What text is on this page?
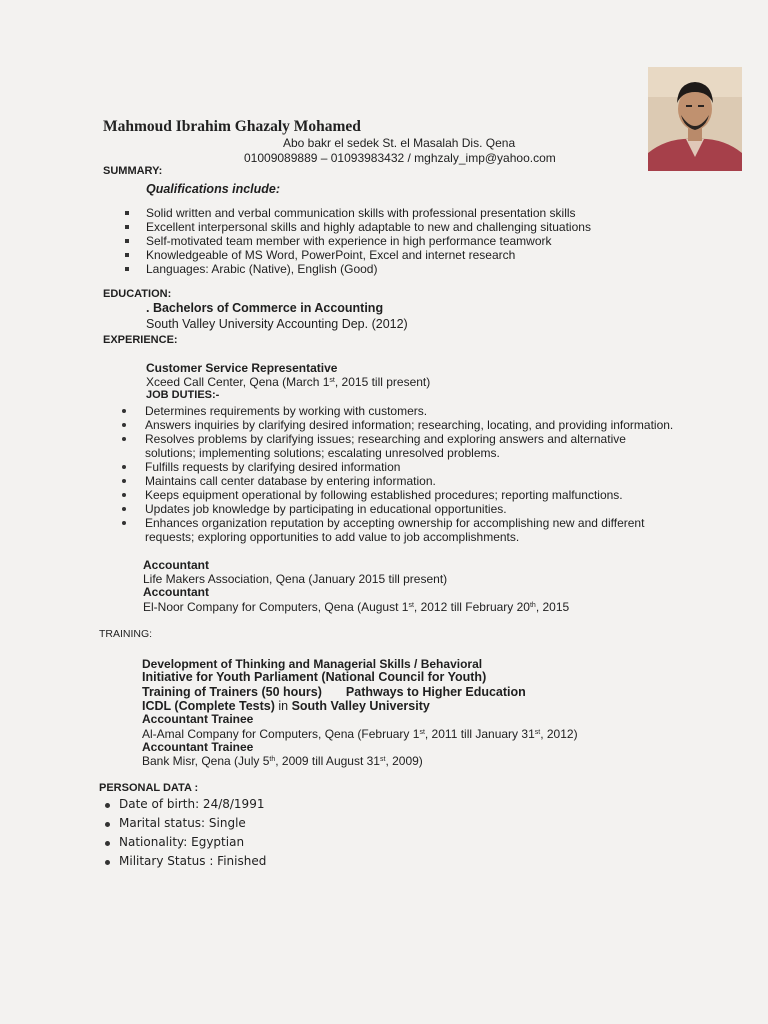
Mahmoud Ibrahim Ghazaly Mohamed
Abo bakr el sedek St. el Masalah Dis. Qena
01009089889 – 01093983432 / mghzaly_imp@yahoo.com
SUMMARY:
Qualifications include:
Solid written and verbal communication skills with professional presentation skills
Excellent interpersonal skills and highly adaptable to new and challenging situations
Self-motivated team member with experience in high performance teamwork
Knowledgeable of MS Word, PowerPoint, Excel and internet research
Languages: Arabic (Native), English (Good)
EDUCATION:
. Bachelors of Commerce in Accounting
South Valley University Accounting Dep. (2012)
EXPERIENCE:
Customer Service Representative
Xceed Call Center, Qena (March 1st, 2015 till present)
JOB DUTIES:-
Determines requirements by working with customers.
Answers inquiries by clarifying desired information; researching, locating, and providing information.
Resolves problems by clarifying issues; researching and exploring answers and alternative
solutions; implementing solutions; escalating unresolved problems.
Fulfills requests by clarifying desired information
Maintains call center database by entering information.
Keeps equipment operational by following established procedures; reporting malfunctions.
Updates job knowledge by participating in educational opportunities.
Enhances organization reputation by accepting ownership for accomplishing new and different
requests; exploring opportunities to add value to job accomplishments.
Accountant
Life Makers Association, Qena (January 2015 till present)
Accountant
El-Noor Company for Computers, Qena (August 1st, 2012 till February 20th, 2015
TRAINING:
Development of Thinking and Managerial Skills / Behavioral
Initiative for Youth Parliament (National Council for Youth)
Training of Trainers (50 hours) Pathways to Higher Education
ICDL (Complete Tests) in South Valley University
Accountant Trainee
Al-Amal Company for Computers, Qena (February 1st, 2011 till January 31st, 2012)
Accountant Trainee
Bank Misr, Qena (July 5th, 2009 till August 31st, 2009)
PERSONAL DATA :
Date of birth: 24/8/1991
Marital status: Single
Nationality: Egyptian
Military Status : Finished
